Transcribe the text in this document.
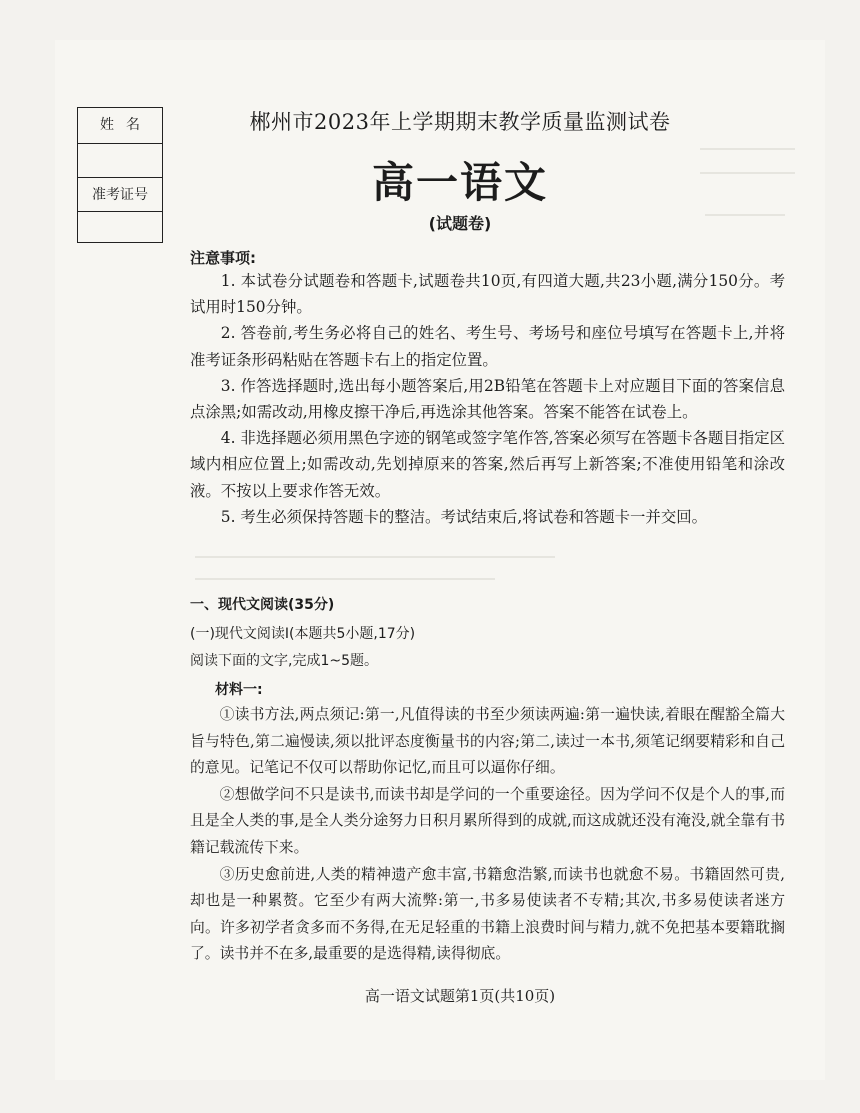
姓名
准考证号
郴州市2023年上学期期末教学质量监测试卷
高一语文
(试题卷)
注意事项:

1. 本试卷分试题卷和答题卡,试题卷共10页,有四道大题,共23小题,满分150分。考试用时150分钟。

2. 答卷前,考生务必将自己的姓名、考生号、考场号和座位号填写在答题卡上,并将准考证条形码粘贴在答题卡右上的指定位置。

3. 作答选择题时,选出每小题答案后,用2B铅笔在答题卡上对应题目下面的答案信息点涂黑;如需改动,用橡皮擦干净后,再选涂其他答案。答案不能答在试卷上。

4. 非选择题必须用黑色字迹的钢笔或签字笔作答,答案必须写在答题卡各题目指定区域内相应位置上;如需改动,先划掉原来的答案,然后再写上新答案;不准使用铅笔和涂改液。不按以上要求作答无效。

5. 考生必须保持答题卡的整洁。考试结束后,将试卷和答题卡一并交回。

一、现代文阅读(35分)
(一)现代文阅读Ⅰ(本题共5小题,17分)
阅读下面的文字,完成1~5题。
材料一:

①读书方法,两点须记:第一,凡值得读的书至少须读两遍:第一遍快读,着眼在醒豁全篇大旨与特色,第二遍慢读,须以批评态度衡量书的内容;第二,读过一本书,须笔记纲要精彩和自己的意见。记笔记不仅可以帮助你记忆,而且可以逼你仔细。

②想做学问不只是读书,而读书却是学问的一个重要途径。因为学问不仅是个人的事,而且是全人类的事,是全人类分途努力日积月累所得到的成就,而这成就还没有淹没,就全靠有书籍记载流传下来。

③历史愈前进,人类的精神遗产愈丰富,书籍愈浩繁,而读书也就愈不易。书籍固然可贵,却也是一种累赘。它至少有两大流弊:第一,书多易使读者不专精;其次,书多易使读者迷方向。许多初学者贪多而不务得,在无足轻重的书籍上浪费时间与精力,就不免把基本要籍耽搁了。读书并不在多,最重要的是选得精,读得彻底。

高一语文试题第1页(共10页)
